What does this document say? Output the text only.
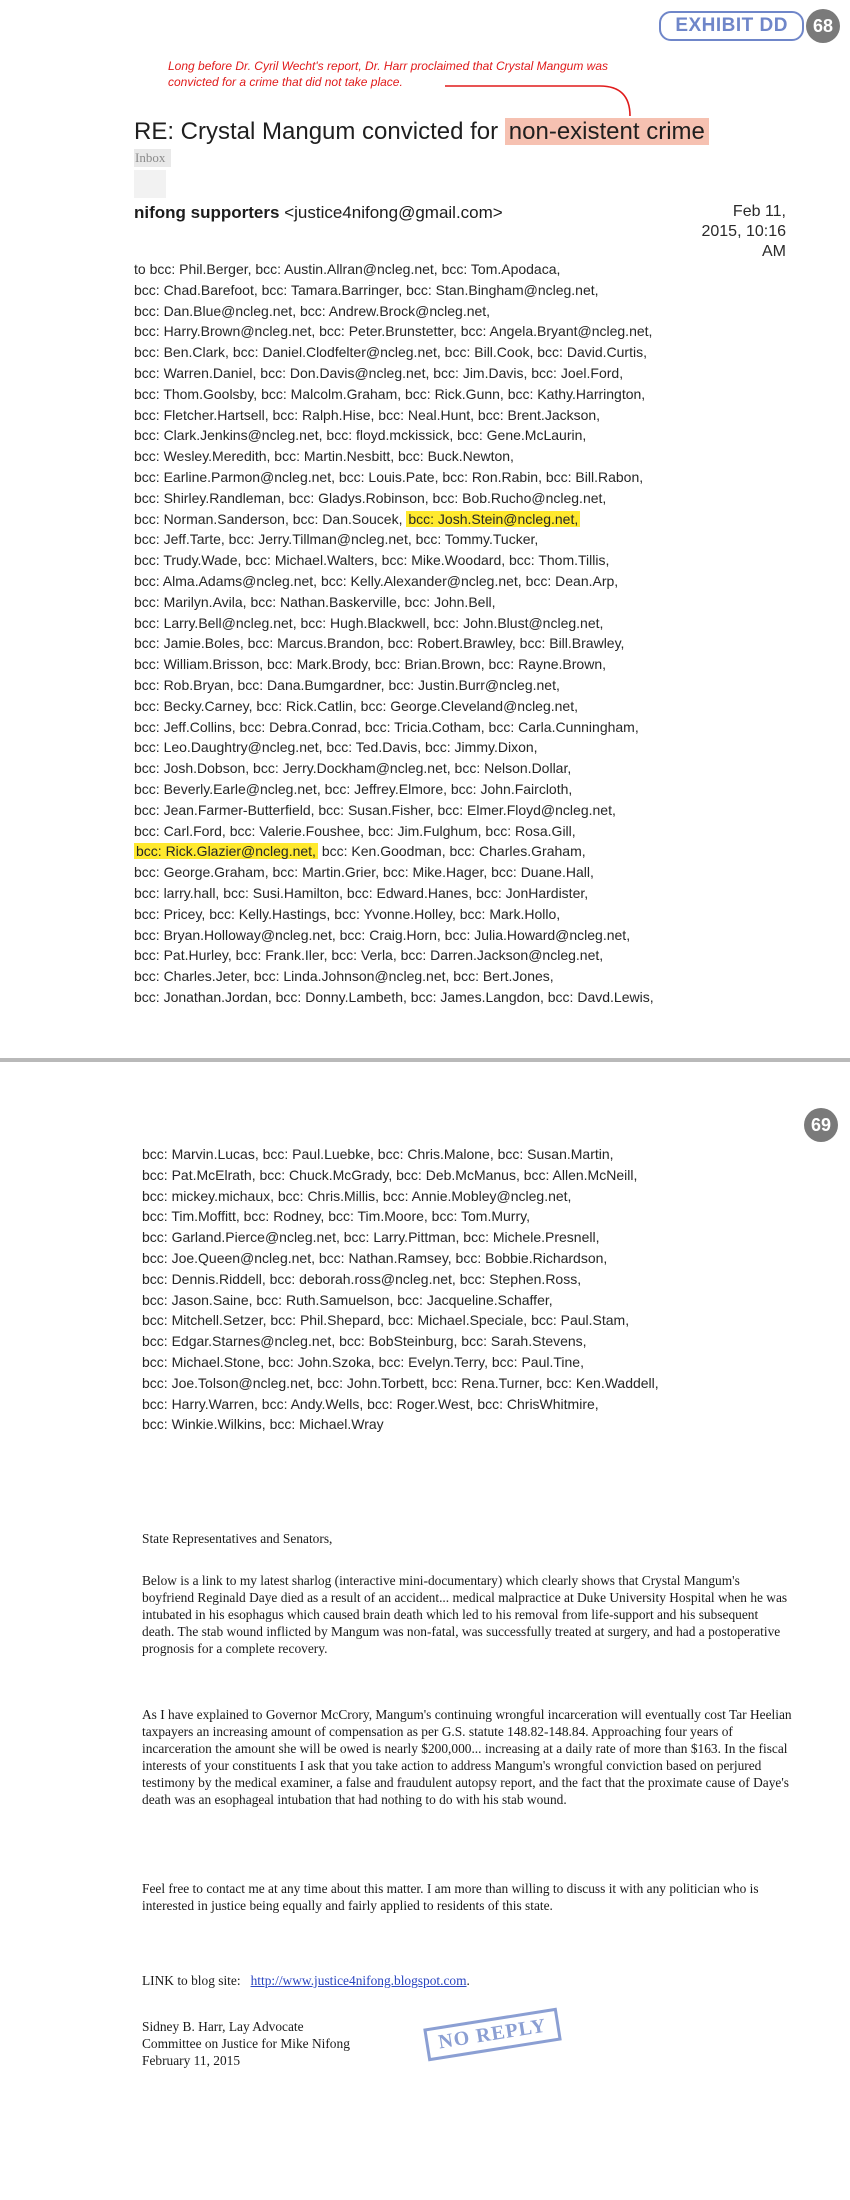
EXHIBIT DD	68
Long before Dr. Cyril Wecht's report, Dr. Harr proclaimed that Crystal Mangum was
convicted for a crime that did not take place.
RE: Crystal Mangum convicted for non-existent crime
Inbox
nifong supporters <justice4nifong@gmail.com>	Feb 11,
2015, 10:16
AM
to bcc: Phil.Berger, bcc: Austin.Allran@ncleg.net, bcc: Tom.Apodaca,
bcc: Chad.Barefoot, bcc: Tamara.Barringer, bcc: Stan.Bingham@ncleg.net,
bcc: Dan.Blue@ncleg.net, bcc: Andrew.Brock@ncleg.net,
bcc: Harry.Brown@ncleg.net, bcc: Peter.Brunstetter, bcc: Angela.Bryant@ncleg.net,
bcc: Ben.Clark, bcc: Daniel.Clodfelter@ncleg.net, bcc: Bill.Cook, bcc: David.Curtis,
bcc: Warren.Daniel, bcc: Don.Davis@ncleg.net, bcc: Jim.Davis, bcc: Joel.Ford,
bcc: Thom.Goolsby, bcc: Malcolm.Graham, bcc: Rick.Gunn, bcc: Kathy.Harrington,
bcc: Fletcher.Hartsell, bcc: Ralph.Hise, bcc: Neal.Hunt, bcc: Brent.Jackson,
bcc: Clark.Jenkins@ncleg.net, bcc: floyd.mckissick, bcc: Gene.McLaurin,
bcc: Wesley.Meredith, bcc: Martin.Nesbitt, bcc: Buck.Newton,
bcc: Earline.Parmon@ncleg.net, bcc: Louis.Pate, bcc: Ron.Rabin, bcc: Bill.Rabon,
bcc: Shirley.Randleman, bcc: Gladys.Robinson, bcc: Bob.Rucho@ncleg.net,
bcc: Norman.Sanderson, bcc: Dan.Soucek, bcc: Josh.Stein@ncleg.net,
bcc: Jeff.Tarte, bcc: Jerry.Tillman@ncleg.net, bcc: Tommy.Tucker,
bcc: Trudy.Wade, bcc: Michael.Walters, bcc: Mike.Woodard, bcc: Thom.Tillis,
bcc: Alma.Adams@ncleg.net, bcc: Kelly.Alexander@ncleg.net, bcc: Dean.Arp,
bcc: Marilyn.Avila, bcc: Nathan.Baskerville, bcc: John.Bell,
bcc: Larry.Bell@ncleg.net, bcc: Hugh.Blackwell, bcc: John.Blust@ncleg.net,
bcc: Jamie.Boles, bcc: Marcus.Brandon, bcc: Robert.Brawley, bcc: Bill.Brawley,
bcc: William.Brisson, bcc: Mark.Brody, bcc: Brian.Brown, bcc: Rayne.Brown,
bcc: Rob.Bryan, bcc: Dana.Bumgardner, bcc: Justin.Burr@ncleg.net,
bcc: Becky.Carney, bcc: Rick.Catlin, bcc: George.Cleveland@ncleg.net,
bcc: Jeff.Collins, bcc: Debra.Conrad, bcc: Tricia.Cotham, bcc: Carla.Cunningham,
bcc: Leo.Daughtry@ncleg.net, bcc: Ted.Davis, bcc: Jimmy.Dixon,
bcc: Josh.Dobson, bcc: Jerry.Dockham@ncleg.net, bcc: Nelson.Dollar,
bcc: Beverly.Earle@ncleg.net, bcc: Jeffrey.Elmore, bcc: John.Faircloth,
bcc: Jean.Farmer-Butterfield, bcc: Susan.Fisher, bcc: Elmer.Floyd@ncleg.net,
bcc: Carl.Ford, bcc: Valerie.Foushee, bcc: Jim.Fulghum, bcc: Rosa.Gill,
bcc: Rick.Glazier@ncleg.net, bcc: Ken.Goodman, bcc: Charles.Graham,
bcc: George.Graham, bcc: Martin.Grier, bcc: Mike.Hager, bcc: Duane.Hall,
bcc: larry.hall, bcc: Susi.Hamilton, bcc: Edward.Hanes, bcc: JonHardister,
bcc: Pricey, bcc: Kelly.Hastings, bcc: Yvonne.Holley, bcc: Mark.Hollo,
bcc: Bryan.Holloway@ncleg.net, bcc: Craig.Horn, bcc: Julia.Howard@ncleg.net,
bcc: Pat.Hurley, bcc: Frank.Iler, bcc: Verla, bcc: Darren.Jackson@ncleg.net,
bcc: Charles.Jeter, bcc: Linda.Johnson@ncleg.net, bcc: Bert.Jones,
bcc: Jonathan.Jordan, bcc: Donny.Lambeth, bcc: James.Langdon, bcc: Davd.Lewis,
69
bcc: Marvin.Lucas, bcc: Paul.Luebke, bcc: Chris.Malone, bcc: Susan.Martin,
bcc: Pat.McElrath, bcc: Chuck.McGrady, bcc: Deb.McManus, bcc: Allen.McNeill,
bcc: mickey.michaux, bcc: Chris.Millis, bcc: Annie.Mobley@ncleg.net,
bcc: Tim.Moffitt, bcc: Rodney, bcc: Tim.Moore, bcc: Tom.Murry,
bcc: Garland.Pierce@ncleg.net, bcc: Larry.Pittman, bcc: Michele.Presnell,
bcc: Joe.Queen@ncleg.net, bcc: Nathan.Ramsey, bcc: Bobbie.Richardson,
bcc: Dennis.Riddell, bcc: deborah.ross@ncleg.net, bcc: Stephen.Ross,
bcc: Jason.Saine, bcc: Ruth.Samuelson, bcc: Jacqueline.Schaffer,
bcc: Mitchell.Setzer, bcc: Phil.Shepard, bcc: Michael.Speciale, bcc: Paul.Stam,
bcc: Edgar.Starnes@ncleg.net, bcc: BobSteinburg, bcc: Sarah.Stevens,
bcc: Michael.Stone, bcc: John.Szoka, bcc: Evelyn.Terry, bcc: Paul.Tine,
bcc: Joe.Tolson@ncleg.net, bcc: John.Torbett, bcc: Rena.Turner, bcc: Ken.Waddell,
bcc: Harry.Warren, bcc: Andy.Wells, bcc: Roger.West, bcc: ChrisWhitmire,
bcc: Winkie.Wilkins, bcc: Michael.Wray

State Representatives and Senators,

Below is a link to my latest sharlog (interactive mini-documentary) which clearly shows that Crystal Mangum's boyfriend Reginald Daye died as a result of an accident... medical malpractice at Duke University Hospital when he was intubated in his esophagus which caused brain death which led to his removal from life-support and his subsequent death. The stab wound inflicted by Mangum was non-fatal, was successfully treated at surgery, and had a postoperative prognosis for a complete recovery.

As I have explained to Governor McCrory, Mangum's continuing wrongful incarceration will eventually cost Tar Heelian taxpayers an increasing amount of compensation as per G.S. statute 148.82-148.84. Approaching four years of incarceration the amount she will be owed is nearly $200,000... increasing at a daily rate of more than $163. In the fiscal interests of your constituents I ask that you take action to address Mangum's wrongful conviction based on perjured testimony by the medical examiner, a false and fraudulent autopsy report, and the fact that the proximate cause of Daye's death was an esophageal intubation that had nothing to do with his stab wound.

Feel free to contact me at any time about this matter. I am more than willing to discuss it with any politician who is interested in justice being equally and fairly applied to residents of this state.

LINK to blog site: http://www.justice4nifong.blogspot.com.
Sidney B. Harr, Lay Advocate
Committee on Justice for Mike Nifong
February 11, 2015
NO REPLY
